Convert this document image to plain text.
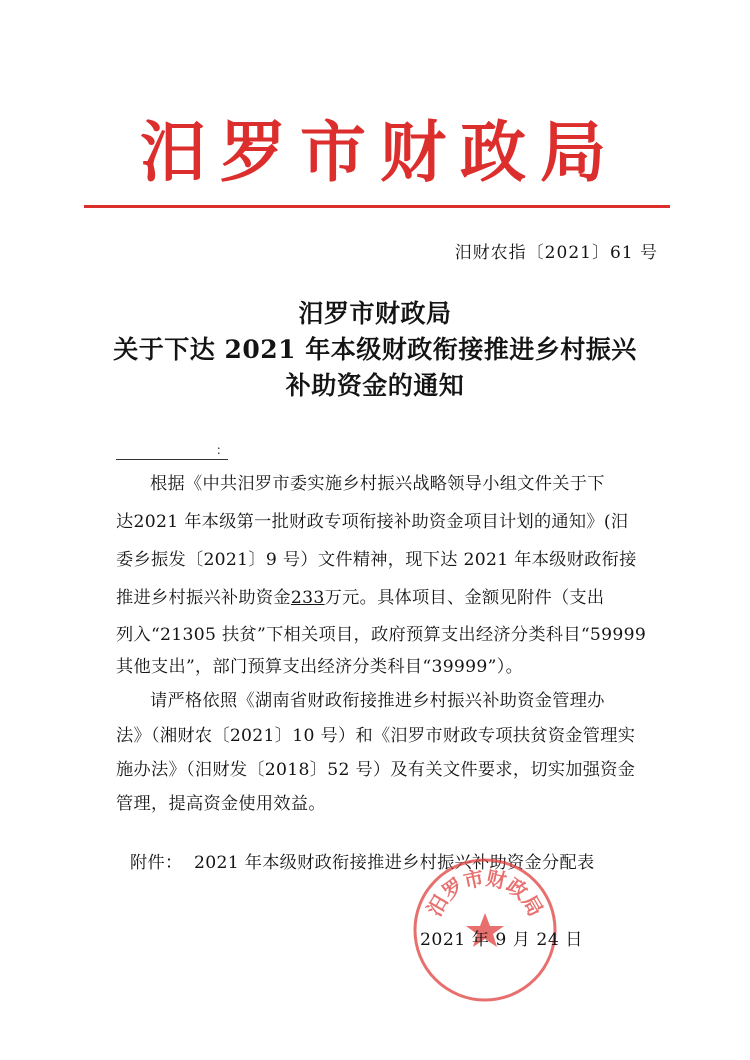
汨罗市财政局
汨财农指〔2021〕61 号
汨罗市财政局
关于下达 2021 年本级财政衔接推进乡村振兴
补助资金的通知
：
根据《中共汨罗市委实施乡村振兴战略领导小组文件关于下
达2021 年本级第一批财政专项衔接补助资金项目计划的通知》(汨
委乡振发〔2021〕9 号）文件精神，现下达 2021 年本级财政衔接
推进乡村振兴补助资金233万元。具体项目、金额见附件（支出
列入“21305 扶贫”下相关项目，政府预算支出经济分类科目“59999
其他支出”，部门预算支出经济分类科目“39999”）。
请严格依照《湖南省财政衔接推进乡村振兴补助资金管理办
法》（湘财农〔2021〕10 号）和《汨罗市财政专项扶贫资金管理实
施办法》（汨财发〔2018〕52 号）及有关文件要求，切实加强资金
管理，提高资金使用效益。
附件： 2021 年本级财政衔接推进乡村振兴补助资金分配表
汨罗市财政局
2021 年 9 月 24 日
